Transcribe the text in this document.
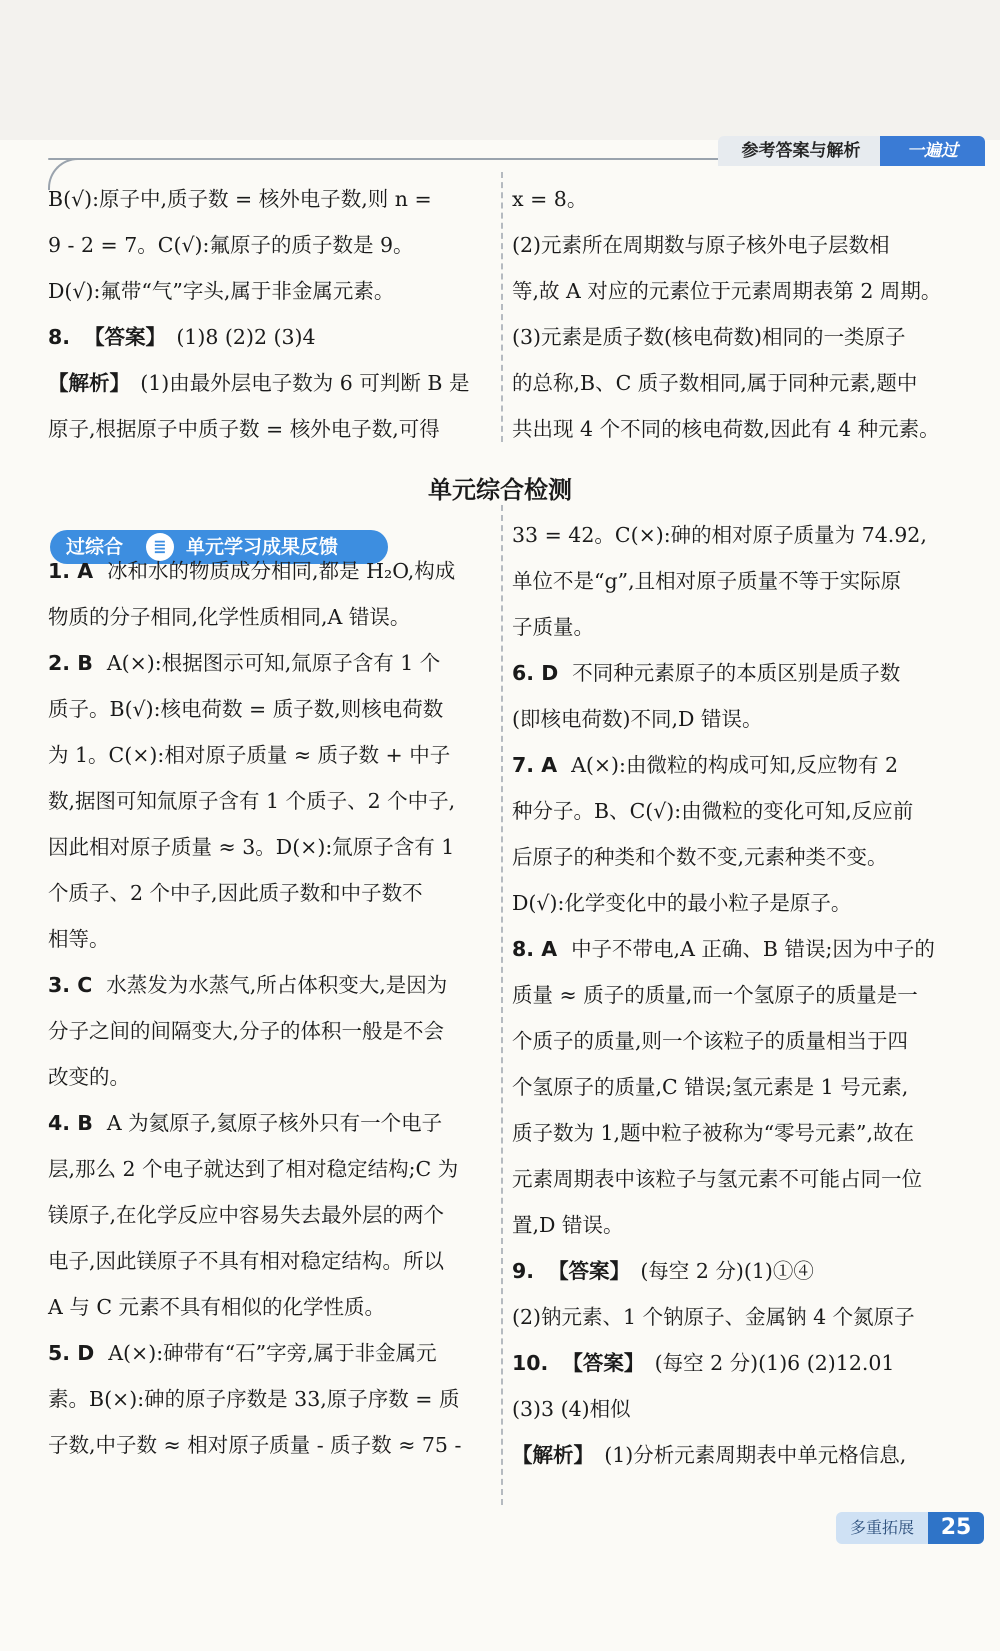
参考答案与解析	一遍过

B(√):原子中,质子数 = 核外电子数,则 n =

9 - 2 = 7。C(√):氟原子的质子数是 9。

D(√):氟带“气”字头,属于非金属元素。

8. 【答案】  (1)8 (2)2 (3)4

【解析】  (1)由最外层电子数为 6 可判断 B 是

原子,根据原子中质子数 = 核外电子数,可得

x = 8。

(2)元素所在周期数与原子核外电子层数相

等,故 A 对应的元素位于元素周期表第 2 周期。

(3)元素是质子数(核电荷数)相同的一类原子

的总称,B、C 质子数相同,属于同种元素,题中

共出现 4 个不同的核电荷数,因此有 4 种元素。

单元综合检测
过综合	≣	单元学习成果反馈

1. A 冰和水的物质成分相同,都是 H₂O,构成

物质的分子相同,化学性质相同,A 错误。

2. B A(×):根据图示可知,氚原子含有 1 个

质子。B(√):核电荷数 = 质子数,则核电荷数

为 1。C(×):相对原子质量 ≈ 质子数 + 中子

数,据图可知氚原子含有 1 个质子、2 个中子,

因此相对原子质量 ≈ 3。D(×):氚原子含有 1

个质子、2 个中子,因此质子数和中子数不

相等。

3. C 水蒸发为水蒸气,所占体积变大,是因为

分子之间的间隔变大,分子的体积一般是不会

改变的。

4. B A 为氦原子,氦原子核外只有一个电子

层,那么 2 个电子就达到了相对稳定结构;C 为

镁原子,在化学反应中容易失去最外层的两个

电子,因此镁原子不具有相对稳定结构。所以

A 与 C 元素不具有相似的化学性质。

5. D A(×):砷带有“石”字旁,属于非金属元

素。B(×):砷的原子序数是 33,原子序数 = 质

子数,中子数 ≈ 相对原子质量 - 质子数 ≈ 75 -

33 = 42。C(×):砷的相对原子质量为 74.92,

单位不是“g”,且相对原子质量不等于实际原

子质量。

6. D 不同种元素原子的本质区别是质子数

(即核电荷数)不同,D 错误。

7. A A(×):由微粒的构成可知,反应物有 2

种分子。B、C(√):由微粒的变化可知,反应前

后原子的种类和个数不变,元素种类不变。

D(√):化学变化中的最小粒子是原子。

8. A 中子不带电,A 正确、B 错误;因为中子的

质量 ≈ 质子的质量,而一个氢原子的质量是一

个质子的质量,则一个该粒子的质量相当于四

个氢原子的质量,C 错误;氢元素是 1 号元素,

质子数为 1,题中粒子被称为“零号元素”,故在

元素周期表中该粒子与氢元素不可能占同一位

置,D 错误。

9. 【答案】  (每空 2 分)(1)①④

(2)钠元素、1 个钠原子、金属钠 4 个氮原子

10. 【答案】  (每空 2 分)(1)6 (2)12.01

(3)3 (4)相似

【解析】  (1)分析元素周期表中单元格信息,

多重拓展	25
